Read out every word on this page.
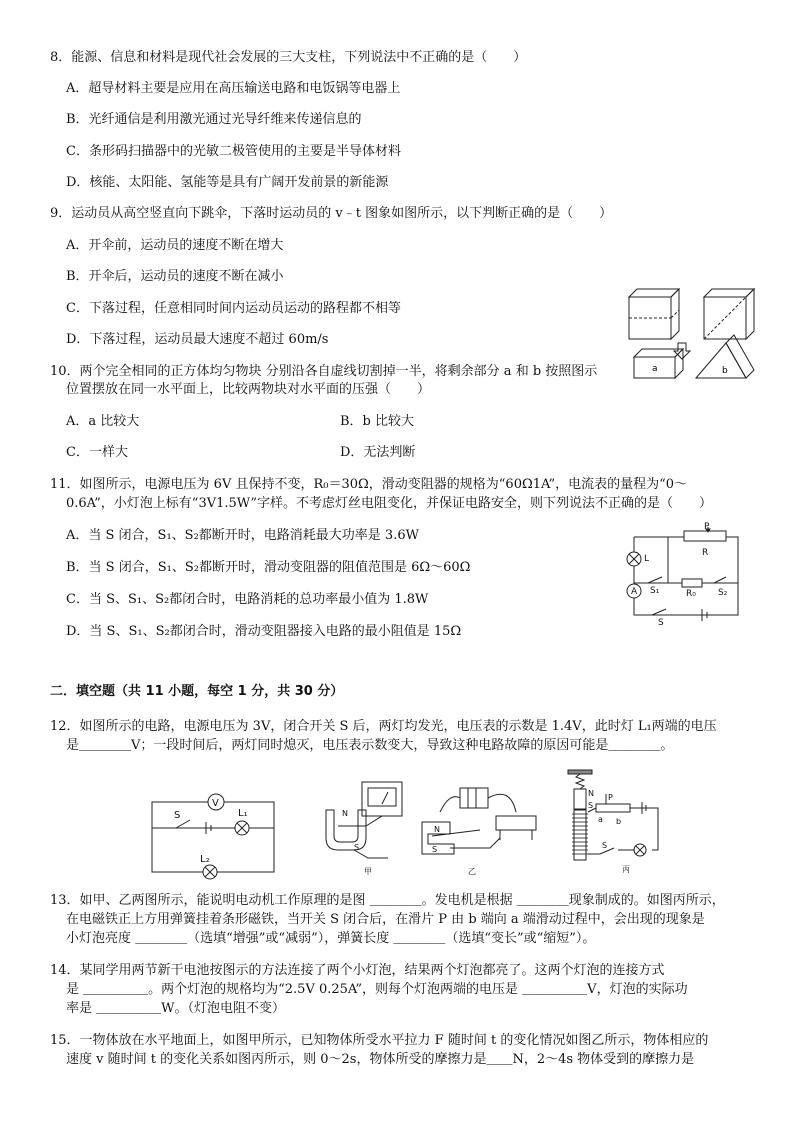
8．能源、信息和材料是现代社会发展的三大支柱，下列说法中不正确的是（　　）
A．超导材料主要是应用在高压输送电路和电饭锅等电器上
B．光纤通信是利用激光通过光导纤维来传递信息的
C．条形码扫描器中的光敏二极管使用的主要是半导体材料
D．核能、太阳能、氢能等是具有广阔开发前景的新能源
9．运动员从高空竖直向下跳伞，下落时运动员的 v﹣t 图象如图所示，以下判断正确的是（　　）
A．开伞前，运动员的速度不断在增大
B．开伞后，运动员的速度不断在减小
C．下落过程，任意相同时间内运动员运动的路程都不相等
D．下落过程，运动员最大速度不超过 60m/s
10．两个完全相同的正方体均匀物块 分别沿各自虚线切割掉一半，将剩余部分 a 和 b 按照图示
位置摆放在同一水平面上，比较两物块对水平面的压强（　　）
A．a 比较大	B．b 比较大
C．一样大	D．无法判断
a	b
11．如图所示，电源电压为 6V 且保持不变，R₀＝30Ω，滑动变阻器的规格为“60Ω1A”，电流表的量程为“0～
0.6A”，小灯泡上标有“3V1.5W”字样。不考虑灯丝电阻变化，并保证电路安全，则下列说法不正确的是（　　）
A．当 S 闭合，S₁、S₂都断开时，电路消耗最大功率是 3.6W
B．当 S 闭合，S₁、S₂都断开时，滑动变阻器的阻值范围是 6Ω～60Ω
C．当 S、S₁、S₂都闭合时，电路消耗的总功率最小值为 1.8W
D．当 S、S₁、S₂都闭合时，滑动变阻器接入电路的最小阻值是 15Ω
P
R
L
S₁	R₀ S₂
A
S
二．填空题（共 11 小题，每空 1 分，共 30 分）
12．如图所示的电路，电源电压为 3V，闭合开关 S 后，两灯均发光，电压表的示数是 1.4V，此时灯 L₁两端的电压
是＿＿＿＿V；一段时间后，两灯同时熄灭，电压表示数变大，导致这种电路故障的原因可能是＿＿＿＿。
V
S	L₁
L₂
N
S
甲
N
S
乙
N
S
P
a b
S
丙
13．如甲、乙两图所示，能说明电动机工作原理的是图 ＿＿＿＿。发电机是根据 ＿＿＿＿现象制成的。如图丙所示，
在电磁铁正上方用弹簧挂着条形磁铁，当开关 S 闭合后，在滑片 P 由 b 端向 a 端滑动过程中，会出现的现象是
小灯泡亮度 ＿＿＿＿（选填“增强”或“减弱”），弹簧长度 ＿＿＿＿（选填“变长”或“缩短”）。
14．某同学用两节新干电池按图示的方法连接了两个小灯泡，结果两个灯泡都亮了。这两个灯泡的连接方式
是 ＿＿＿＿＿。两个灯泡的规格均为“2.5V 0.25A”，则每个灯泡两端的电压是 ＿＿＿＿＿V，灯泡的实际功
率是 ＿＿＿＿＿W。（灯泡电阻不变）
15．一物体放在水平地面上，如图甲所示，已知物体所受水平拉力 F 随时间 t 的变化情况如图乙所示，物体相应的
速度 v 随时间 t 的变化关系如图丙所示，则 0～2s，物体所受的摩擦力是＿＿N，2～4s 物体受到的摩擦力是
